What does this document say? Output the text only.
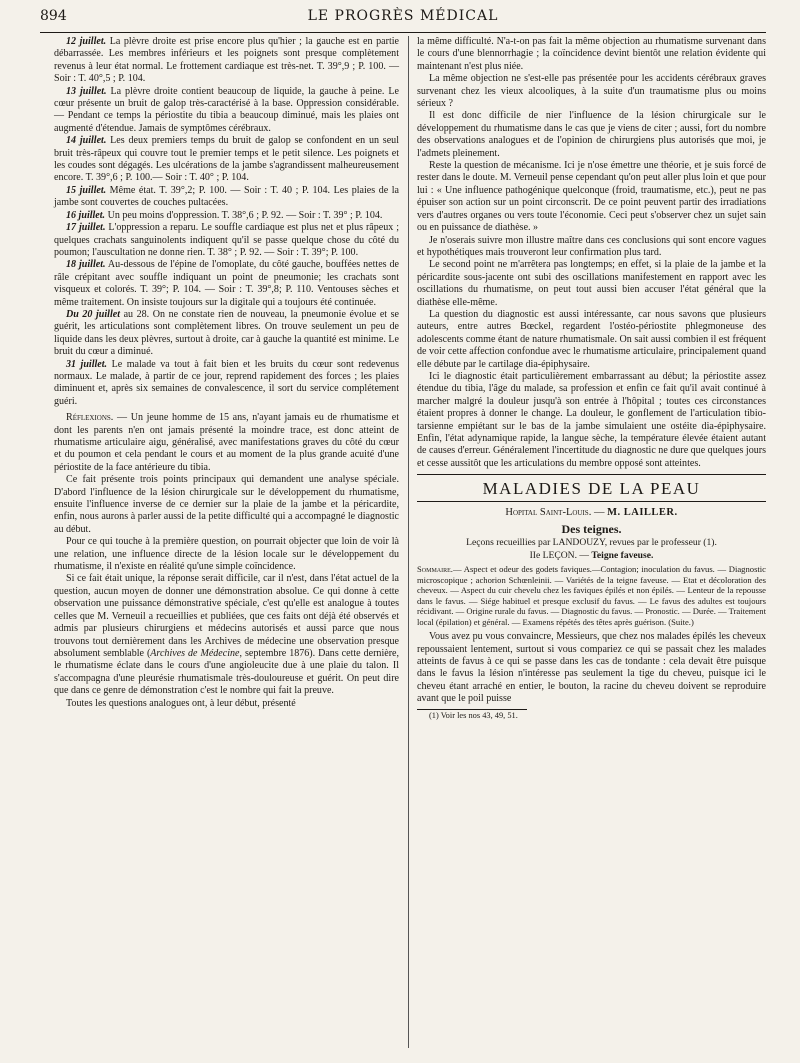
894	LE PROGRÈS MÉDICAL

12 juillet. La plèvre droite est prise encore plus qu'hier ; la gauche est en partie débarrassée. Les membres inférieurs et les poignets sont presque complètement revenus à leur état normal. Le frottement cardiaque est très-net. T. 39°,9 ; P. 100. — Soir : T. 40°,5 ; P. 104.

13 juillet. La plèvre droite contient beaucoup de liquide, la gauche à peine. Le cœur présente un bruit de galop très-caractérisé à la base. Oppression considérable. — Pendant ce temps la périostite du tibia a beaucoup diminué, mais les plaies ont augmenté d'étendue. Jamais de symptômes cérébraux.

14 juillet. Les deux premiers temps du bruit de galop se confondent en un seul bruit très-râpeux qui couvre tout le premier temps et le petit silence. Les poignets et les coudes sont dégagés. Les ulcérations de la jambe s'agrandissent malheureusement encore. T. 39°,6 ; P. 100.— Soir : T. 40° ; P. 104.

15 juillet. Même état. T. 39°,2; P. 100. — Soir : T. 40 ; P. 104. Les plaies de la jambe sont couvertes de couches pultacées.

16 juillet. Un peu moins d'oppression. T. 38°,6 ; P. 92. — Soir : T. 39° ; P. 104.

17 juillet. L'oppression a reparu. Le souffle cardiaque est plus net et plus râpeux ; quelques crachats sanguinolents indiquent qu'il se passe quelque chose du côté du poumon; l'auscultation ne donne rien. T. 38° ; P. 92. — Soir : T. 39°; P. 100.

18 juillet. Au-dessous de l'épine de l'omoplate, du côté gauche, bouffées nettes de râle crépitant avec souffle indiquant un point de pneumonie; les crachats sont visqueux et colorés. T. 39°; P. 104. — Soir : T. 39°,8; P. 110. Ventouses sèches et même traitement. On insiste toujours sur la digitale qui a toujours été continuée.

Du 20 juillet au 28. On ne constate rien de nouveau, la pneumonie évolue et se guérit, les articulations sont complètement libres. On trouve seulement un peu de liquide dans les deux plèvres, surtout à droite, car à gauche la quantité est minime. Le bruit du cœur a diminué.

31 juillet. Le malade va tout à fait bien et les bruits du cœur sont redevenus normaux. Le malade, à partir de ce jour, reprend rapidement des forces ; les plaies diminuent et, après six semaines de convalescence, il sort du service complétement guéri.

Réflexions. — Un jeune homme de 15 ans, n'ayant jamais eu de rhumatisme et dont les parents n'en ont jamais présenté la moindre trace, est donc atteint de rhumatisme articulaire aigu, généralisé, avec manifestations graves du côté du cœur et du poumon et cela pendant le cours et au moment de la plus grande acuité d'une périostite de la face antérieure du tibia.

Ce fait présente trois points principaux qui demandent une analyse spéciale. D'abord l'influence de la lésion chirurgicale sur le développement du rhumatisme, ensuite l'influence inverse de ce dernier sur la plaie de la jambe et la péricardite, enfin, nous aurons à parler aussi de la petite difficulté qui a accompagné le diagnostic au début.

Pour ce qui touche à la première question, on pourrait objecter que loin de voir là une relation, une influence directe de la lésion locale sur le développement du rhumatisme, il n'existe en réalité qu'une simple coïncidence.

Si ce fait était unique, la réponse serait difficile, car il n'est, dans l'état actuel de la question, aucun moyen de donner une démonstration absolue. Ce qui donne à cette observation une puissance démonstrative spéciale, c'est qu'elle est analogue à toutes celles que M. Verneuil a recueillies et publiées, que ces faits ont déjà été observés et admis par plusieurs chirurgiens et médecins autorisés et aussi parce que nous trouvons tout dernièrement dans les Archives de médecine une observation presque absolument semblable (Archives de Médecine, septembre 1876). Dans cette dernière, le rhumatisme éclate dans le cours d'une angioleucite due à une plaie du talon. Il s'accompagna d'une pleurésie rhumatismale très-douloureuse et guérit. On peut dire que dans ce genre de démonstration c'est le nombre qui fait la preuve.

Toutes les questions analogues ont, à leur début, présenté

la même difficulté. N'a-t-on pas fait la même objection au rhumatisme survenant dans le cours d'une blennorrhagie ; la coïncidence devint bientôt une relation évidente qui maintenant n'est plus niée.

La même objection ne s'est-elle pas présentée pour les accidents cérébraux graves survenant chez les vieux alcooliques, à la suite d'un traumatisme plus ou moins sérieux ?

Il est donc difficile de nier l'influence de la lésion chirurgicale sur le développement du rhumatisme dans le cas que je viens de citer ; aussi, fort du nombre des observations analogues et de l'opinion de chirurgiens plus autorisés que moi, je l'admets pleinement.

Reste la question de mécanisme. Ici je n'ose émettre une théorie, et je suis forcé de rester dans le doute. M. Verneuil pense cependant qu'on peut aller plus loin et que pour lui : « Une influence pathogénique quelconque (froid, traumatisme, etc.), peut ne pas épuiser son action sur un point circonscrit. De ce point peuvent partir des irradiations vers d'autres organes ou vers toute l'économie. Ceci peut s'observer chez un sujet sain ou en puissance de diathèse. »

Je n'oserais suivre mon illustre maître dans ces conclusions qui sont encore vagues et hypothétiques mais trouveront leur confirmation plus tard.

Le second point ne m'arrêtera pas longtemps; en effet, si la plaie de la jambe et la péricardite sous-jacente ont subi des oscillations manifestement en rapport avec les oscillations du rhumatisme, on peut tout aussi bien accuser l'état général que la diathèse elle-même.

La question du diagnostic est aussi intéressante, car nous savons que plusieurs auteurs, entre autres Bœckel, regardent l'ostéo-périostite phlegmoneuse des adolescents comme étant de nature rhumatismale. On sait aussi combien il est fréquent de voir cette affection confondue avec le rhumatisme articulaire, principalement quand elle débute par le cartilage dia-épiphysaire.

Ici le diagnostic était particulièrement embarrassant au début; la périostite assez étendue du tibia, l'âge du malade, sa profession et enfin ce fait qu'il avait continué à marcher malgré la douleur jusqu'à son entrée à l'hôpital ; toutes ces circonstances étaient propres à donner le change. La douleur, le gonflement de l'articulation tibio-tarsienne empiétant sur le bas de la jambe simulaient une ostéite dia-épiphysaire. Enfin, l'état adynamique rapide, la langue sèche, la température élevée étaient autant de causes d'erreur. Généralement l'incertitude du diagnostic ne dure que quelques jours et cesse aussitôt que les articulations du membre opposé sont atteintes.

MALADIES DE LA PEAU
Hopital Saint-Louis. — M. LAILLER.
Des teignes.
Leçons recueillies par LANDOUZY, revues par le professeur (1).
IIe LEÇON. — Teigne faveuse.
Sommaire.— Aspect et odeur des godets faviques.—Contagion; inoculation du favus. — Diagnostic microscopique ; achorion Schœnleinii. — Variétés de la teigne faveuse. — Etat et décoloration des cheveux. — Aspect du cuir chevelu chez les faviques épilés et non épilés. — Lenteur de la repousse dans le favus. — Siége habituel et presque exclusif du favus. — Le favus des adultes est toujours récidivant. — Origine rurale du favus. — Diagnostic du favus. — Pronostic. — Durée. — Traitement local (épilation) et général. — Examens répétés des têtes après guérison. (Suite.)

Vous avez pu vous convaincre, Messieurs, que chez nos malades épilés les cheveux repoussaient lentement, surtout si vous compariez ce qui se passait chez les malades atteints de favus à ce qui se passe dans les cas de tondante : cela devait être puisque dans le favus la lésion n'intéresse pas seulement la tige du cheveu, puisque ici le cheveu étant arraché en entier, le bouton, la racine du cheveu doivent se reproduire avant que le poil puisse

(1) Voir les nos 43, 49, 51.
